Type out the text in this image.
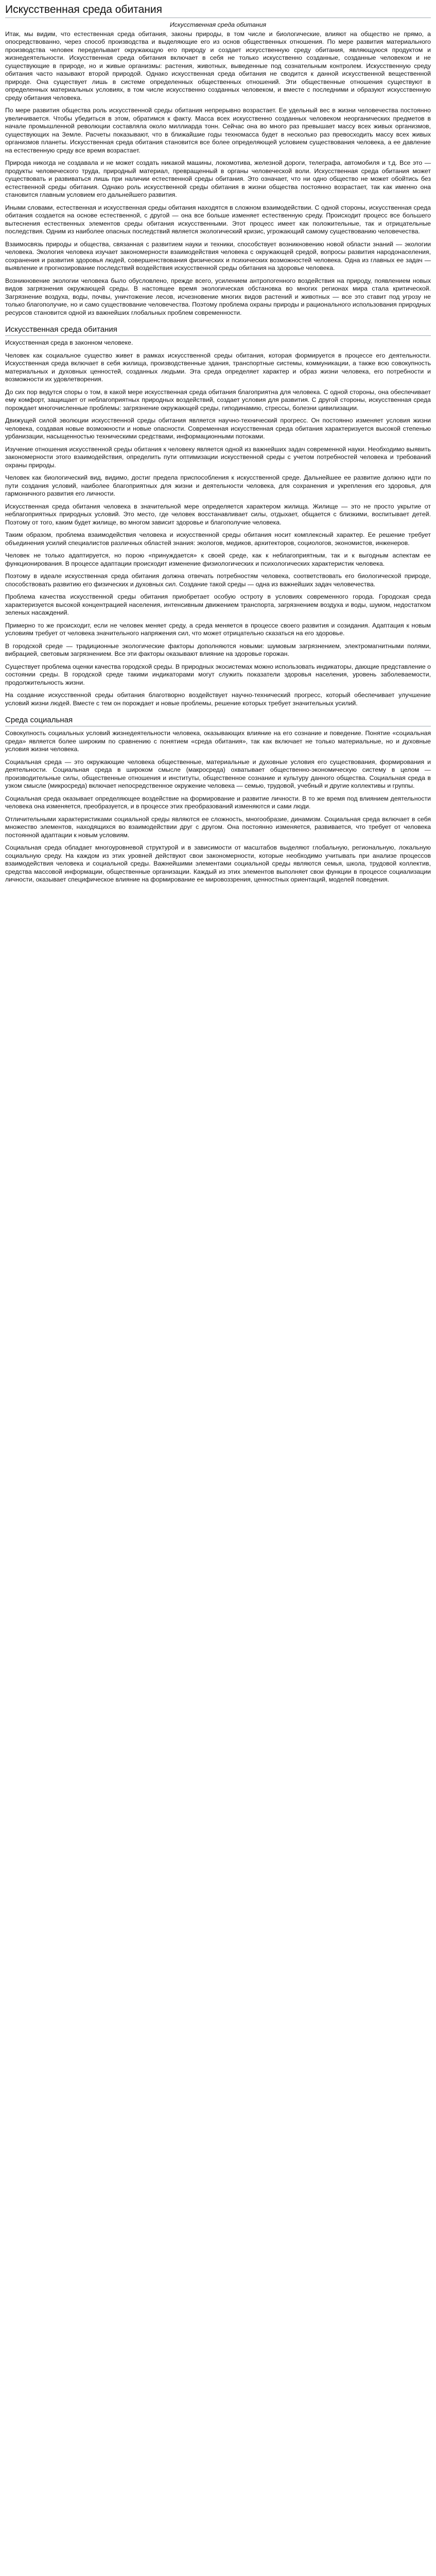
Искусственная среда обитания
Искусственная среда обитания

Итак, мы видим, что естественная среда обитания, законы природы, в том числе и биологические, влияют на общество не прямо, а опосредствованно, через способ производства и выделяющие его из основ общественных отношения. По мере развития материального производства человек переделывает окружающую его природу и создает искусственную среду обитания, являющуюся продуктом и жизнедеятельности. Искусственная среда обитания включает в себя не только искусственно созданные, созданные человеком и не существующие в природе, но и живые организмы: растения, животных, выведенные под сознательным контролем. Искусственную среду обитания часто называют второй природой. Однако искусственная среда обитания не сводится к данной искусственной вещественной природе. Она существует лишь в системе определенных общественных отношений. Эти общественные отношения существуют в определенных материальных условиях, в том числе искусственно созданных человеком, и вместе с последними и образуют искусственную среду обитания человека.

По мере развития общества роль искусственной среды обитания непрерывно возрастает. Ее удельный вес в жизни человечества постоянно увеличивается. Чтобы убедиться в этом, обратимся к факту. Масса всех искусственно созданных человеком неорганических предметов в начале промышленной революции составляла около миллиарда тонн. Сейчас она во много раз превышает массу всех живых организмов, существующих на Земле. Расчеты показывают, что в ближайшие годы техномасса будет в несколько раз превосходить массу всех живых организмов планеты. Искусственная среда обитания становится все более определяющей условием существования человека, а ее давление на естественную среду все время возрастает.

Природа никогда не создавала и не может создать никакой машины, локомотива, железной дороги, телеграфа, автомобиля и т.д. Все это — продукты человеческого труда, природный материал, превращенный в органы человеческой воли. Искусственная среда обитания может существовать и развиваться лишь при наличии естественной среды обитания. Это означает, что ни одно общество не может обойтись без естественной среды обитания. Однако роль искусственной среды обитания в жизни общества постоянно возрастает, так как именно она становится главным условием его дальнейшего развития.

Иными словами, естественная и искусственная среды обитания находятся в сложном взаимодействии. С одной стороны, искусственная среда обитания создается на основе естественной, с другой — она все больше изменяет естественную среду. Происходит процесс все большего вытеснения естественных элементов среды обитания искусственными. Этот процесс имеет как положительные, так и отрицательные последствия. Одним из наиболее опасных последствий является экологический кризис, угрожающий самому существованию человечества.

Взаимосвязь природы и общества, связанная с развитием науки и техники, способствует возникновению новой области знаний — экологии человека. Экология человека изучает закономерности взаимодействия человека с окружающей средой, вопросы развития народонаселения, сохранения и развития здоровья людей, совершенствования физических и психических возможностей человека. Одна из главных ее задач — выявление и прогнозирование последствий воздействия искусственной среды обитания на здоровье человека.

Возникновение экологии человека было обусловлено, прежде всего, усилением антропогенного воздействия на природу, появлением новых видов загрязнения окружающей среды. В настоящее время экологическая обстановка во многих регионах мира стала критической. Загрязнение воздуха, воды, почвы, уничтожение лесов, исчезновение многих видов растений и животных — все это ставит под угрозу не только благополучие, но и само существование человечества. Поэтому проблема охраны природы и рационального использования природных ресурсов становится одной из важнейших глобальных проблем современности.

Искусственная среда обитания

Искусственная среда в законном человеке.

Человек как социальное существо живет в рамках искусственной среды обитания, которая формируется в процессе его деятельности. Искусственная среда включает в себя жилища, производственные здания, транспортные системы, коммуникации, а также всю совокупность материальных и духовных ценностей, созданных людьми. Эта среда определяет характер и образ жизни человека, его потребности и возможности их удовлетворения.

До сих пор ведутся споры о том, в какой мере искусственная среда обитания благоприятна для человека. С одной стороны, она обеспечивает ему комфорт, защищает от неблагоприятных природных воздействий, создает условия для развития. С другой стороны, искусственная среда порождает многочисленные проблемы: загрязнение окружающей среды, гиподинамию, стрессы, болезни цивилизации.

Движущей силой эволюции искусственной среды обитания является научно-технический прогресс. Он постоянно изменяет условия жизни человека, создавая новые возможности и новые опасности. Современная искусственная среда обитания характеризуется высокой степенью урбанизации, насыщенностью техническими средствами, информационными потоками.

Изучение отношения искусственной среды обитания к человеку является одной из важнейших задач современной науки. Необходимо выявить закономерности этого взаимодействия, определить пути оптимизации искусственной среды с учетом потребностей человека и требований охраны природы.

Человек как биологический вид, видимо, достиг предела приспособления к искусственной среде. Дальнейшее ее развитие должно идти по пути создания условий, наиболее благоприятных для жизни и деятельности человека, для сохранения и укрепления его здоровья, для гармоничного развития его личности.

Искусственная среда обитания человека в значительной мере определяется характером жилища. Жилище — это не просто укрытие от неблагоприятных природных условий. Это место, где человек восстанавливает силы, отдыхает, общается с близкими, воспитывает детей. Поэтому от того, каким будет жилище, во многом зависит здоровье и благополучие человека.

Таким образом, проблема взаимодействия человека и искусственной среды обитания носит комплексный характер. Ее решение требует объединения усилий специалистов различных областей знания: экологов, медиков, архитекторов, социологов, экономистов, инженеров.

Человек не только адаптируется, но порою «принуждается» к своей среде, как к неблагоприятным, так и к выгодным аспектам ее функционирования. В процессе адаптации происходит изменение физиологических и психологических характеристик человека.

Поэтому в идеале искусственная среда обитания должна отвечать потребностям человека, соответствовать его биологической природе, способствовать развитию его физических и духовных сил. Создание такой среды — одна из важнейших задач человечества.

Проблема качества искусственной среды обитания приобретает особую остроту в условиях современного города. Городская среда характеризуется высокой концентрацией населения, интенсивным движением транспорта, загрязнением воздуха и воды, шумом, недостатком зеленых насаждений.

Примерно то же происходит, если не человек меняет среду, а среда меняется в процессе своего развития и созидания. Адаптация к новым условиям требует от человека значительного напряжения сил, что может отрицательно сказаться на его здоровье.

В городской среде — традиционные экологические факторы дополняются новыми: шумовым загрязнением, электромагнитными полями, вибрацией, световым загрязнением. Все эти факторы оказывают влияние на здоровье горожан.

Существует проблема оценки качества городской среды. В природных экосистемах можно использовать индикаторы, дающие представление о состоянии среды. В городской среде такими индикаторами могут служить показатели здоровья населения, уровень заболеваемости, продолжительность жизни.

На создание искусственной среды обитания благотворно воздействует научно-технический прогресс, который обеспечивает улучшение условий жизни людей. Вместе с тем он порождает и новые проблемы, решение которых требует значительных усилий.

Среда социальная

Совокупность социальных условий жизнедеятельности человека, оказывающих влияние на его сознание и поведение. Понятие «социальная среда» является более широким по сравнению с понятием «среда обитания», так как включает не только материальные, но и духовные условия жизни человека.

Социальная среда — это окружающие человека общественные, материальные и духовные условия его существования, формирования и деятельности. Социальная среда в широком смысле (макросреда) охватывает общественно-экономическую систему в целом — производительные силы, общественные отношения и институты, общественное сознание и культуру данного общества. Социальная среда в узком смысле (микросреда) включает непосредственное окружение человека — семью, трудовой, учебный и другие коллективы и группы.

Социальная среда оказывает определяющее воздействие на формирование и развитие личности. В то же время под влиянием деятельности человека она изменяется, преобразуется, и в процессе этих преобразований изменяются и сами люди.

Отличительными характеристиками социальной среды являются ее сложность, многообразие, динамизм. Социальная среда включает в себя множество элементов, находящихся во взаимодействии друг с другом. Она постоянно изменяется, развивается, что требует от человека постоянной адаптации к новым условиям.

Социальная среда обладает многоуровневой структурой и в зависимости от масштабов выделяют глобальную, региональную, локальную социальную среду. На каждом из этих уровней действуют свои закономерности, которые необходимо учитывать при анализе процессов взаимодействия человека и социальной среды. Важнейшими элементами социальной среды являются семья, школа, трудовой коллектив, средства массовой информации, общественные организации. Каждый из этих элементов выполняет свои функции в процессе социализации личности, оказывает специфическое влияние на формирование ее мировоззрения, ценностных ориентаций, моделей поведения.
